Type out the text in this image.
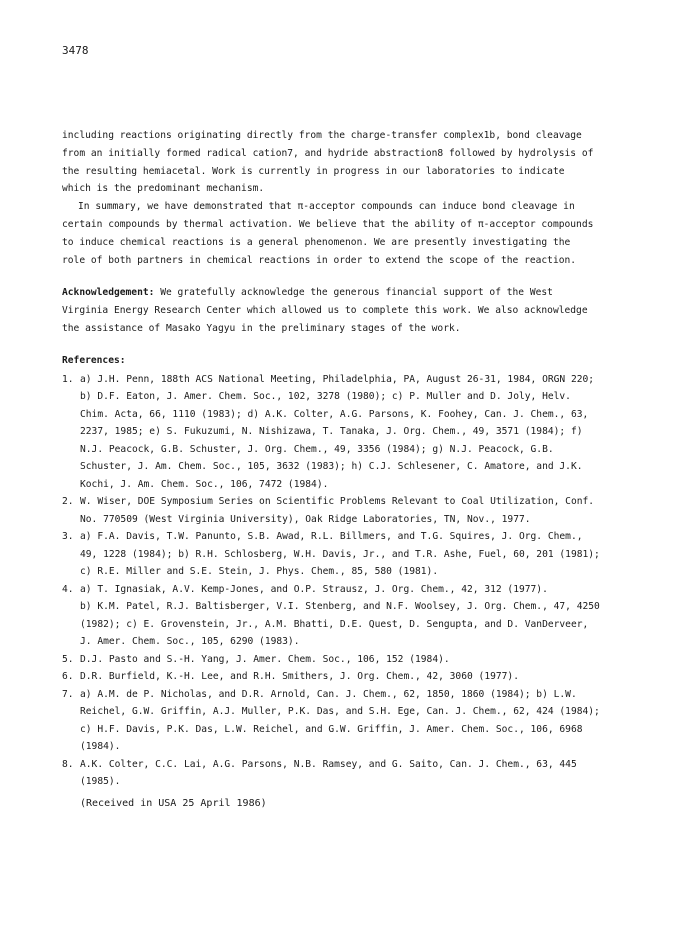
3478

including reactions originating directly from the charge-transfer complex1b, bond cleavage

from an initially formed radical cation7, and hydride abstraction8 followed by hydrolysis of

the resulting hemiacetal. Work is currently in progress in our laboratories to indicate

which is the predominant mechanism.

In summary, we have demonstrated that π-acceptor compounds can induce bond cleavage in

certain compounds by thermal activation. We believe that the ability of π-acceptor compounds

to induce chemical reactions is a general phenomenon. We are presently investigating the

role of both partners in chemical reactions in order to extend the scope of the reaction.

Acknowledgement: We gratefully acknowledge the generous financial support of the West

Virginia Energy Research Center which allowed us to complete this work. We also acknowledge

the assistance of Masako Yagyu in the preliminary stages of the work.

References:

1. a) J.H. Penn, 188th ACS National Meeting, Philadelphia, PA, August 26-31, 1984, ORGN 220;

b) D.F. Eaton, J. Amer. Chem. Soc., 102, 3278 (1980); c) P. Muller and D. Joly, Helv.

Chim. Acta, 66, 1110 (1983); d) A.K. Colter, A.G. Parsons, K. Foohey, Can. J. Chem., 63,

2237, 1985; e) S. Fukuzumi, N. Nishizawa, T. Tanaka, J. Org. Chem., 49, 3571 (1984); f)

N.J. Peacock, G.B. Schuster, J. Org. Chem., 49, 3356 (1984); g) N.J. Peacock, G.B.

Schuster, J. Am. Chem. Soc., 105, 3632 (1983); h) C.J. Schlesener, C. Amatore, and J.K.

Kochi, J. Am. Chem. Soc., 106, 7472 (1984).

2. W. Wiser, DOE Symposium Series on Scientific Problems Relevant to Coal Utilization, Conf.

No. 770509 (West Virginia University), Oak Ridge Laboratories, TN, Nov., 1977.

3. a) F.A. Davis, T.W. Panunto, S.B. Awad, R.L. Billmers, and T.G. Squires, J. Org. Chem.,

49, 1228 (1984); b) R.H. Schlosberg, W.H. Davis, Jr., and T.R. Ashe, Fuel, 60, 201 (1981);

c) R.E. Miller and S.E. Stein, J. Phys. Chem., 85, 580 (1981).

4. a) T. Ignasiak, A.V. Kemp-Jones, and O.P. Strausz, J. Org. Chem., 42, 312 (1977).

b) K.M. Patel, R.J. Baltisberger, V.I. Stenberg, and N.F. Woolsey, J. Org. Chem., 47, 4250

(1982); c) E. Grovenstein, Jr., A.M. Bhatti, D.E. Quest, D. Sengupta, and D. VanDerveer,

J. Amer. Chem. Soc., 105, 6290 (1983).

5. D.J. Pasto and S.-H. Yang, J. Amer. Chem. Soc., 106, 152 (1984).

6. D.R. Burfield, K.-H. Lee, and R.H. Smithers, J. Org. Chem., 42, 3060 (1977).

7. a) A.M. de P. Nicholas, and D.R. Arnold, Can. J. Chem., 62, 1850, 1860 (1984); b) L.W.

Reichel, G.W. Griffin, A.J. Muller, P.K. Das, and S.H. Ege, Can. J. Chem., 62, 424 (1984);

c) H.F. Davis, P.K. Das, L.W. Reichel, and G.W. Griffin, J. Amer. Chem. Soc., 106, 6968

(1984).

8. A.K. Colter, C.C. Lai, A.G. Parsons, N.B. Ramsey, and G. Saito, Can. J. Chem., 63, 445

(1985).

(Received in USA 25 April 1986)
